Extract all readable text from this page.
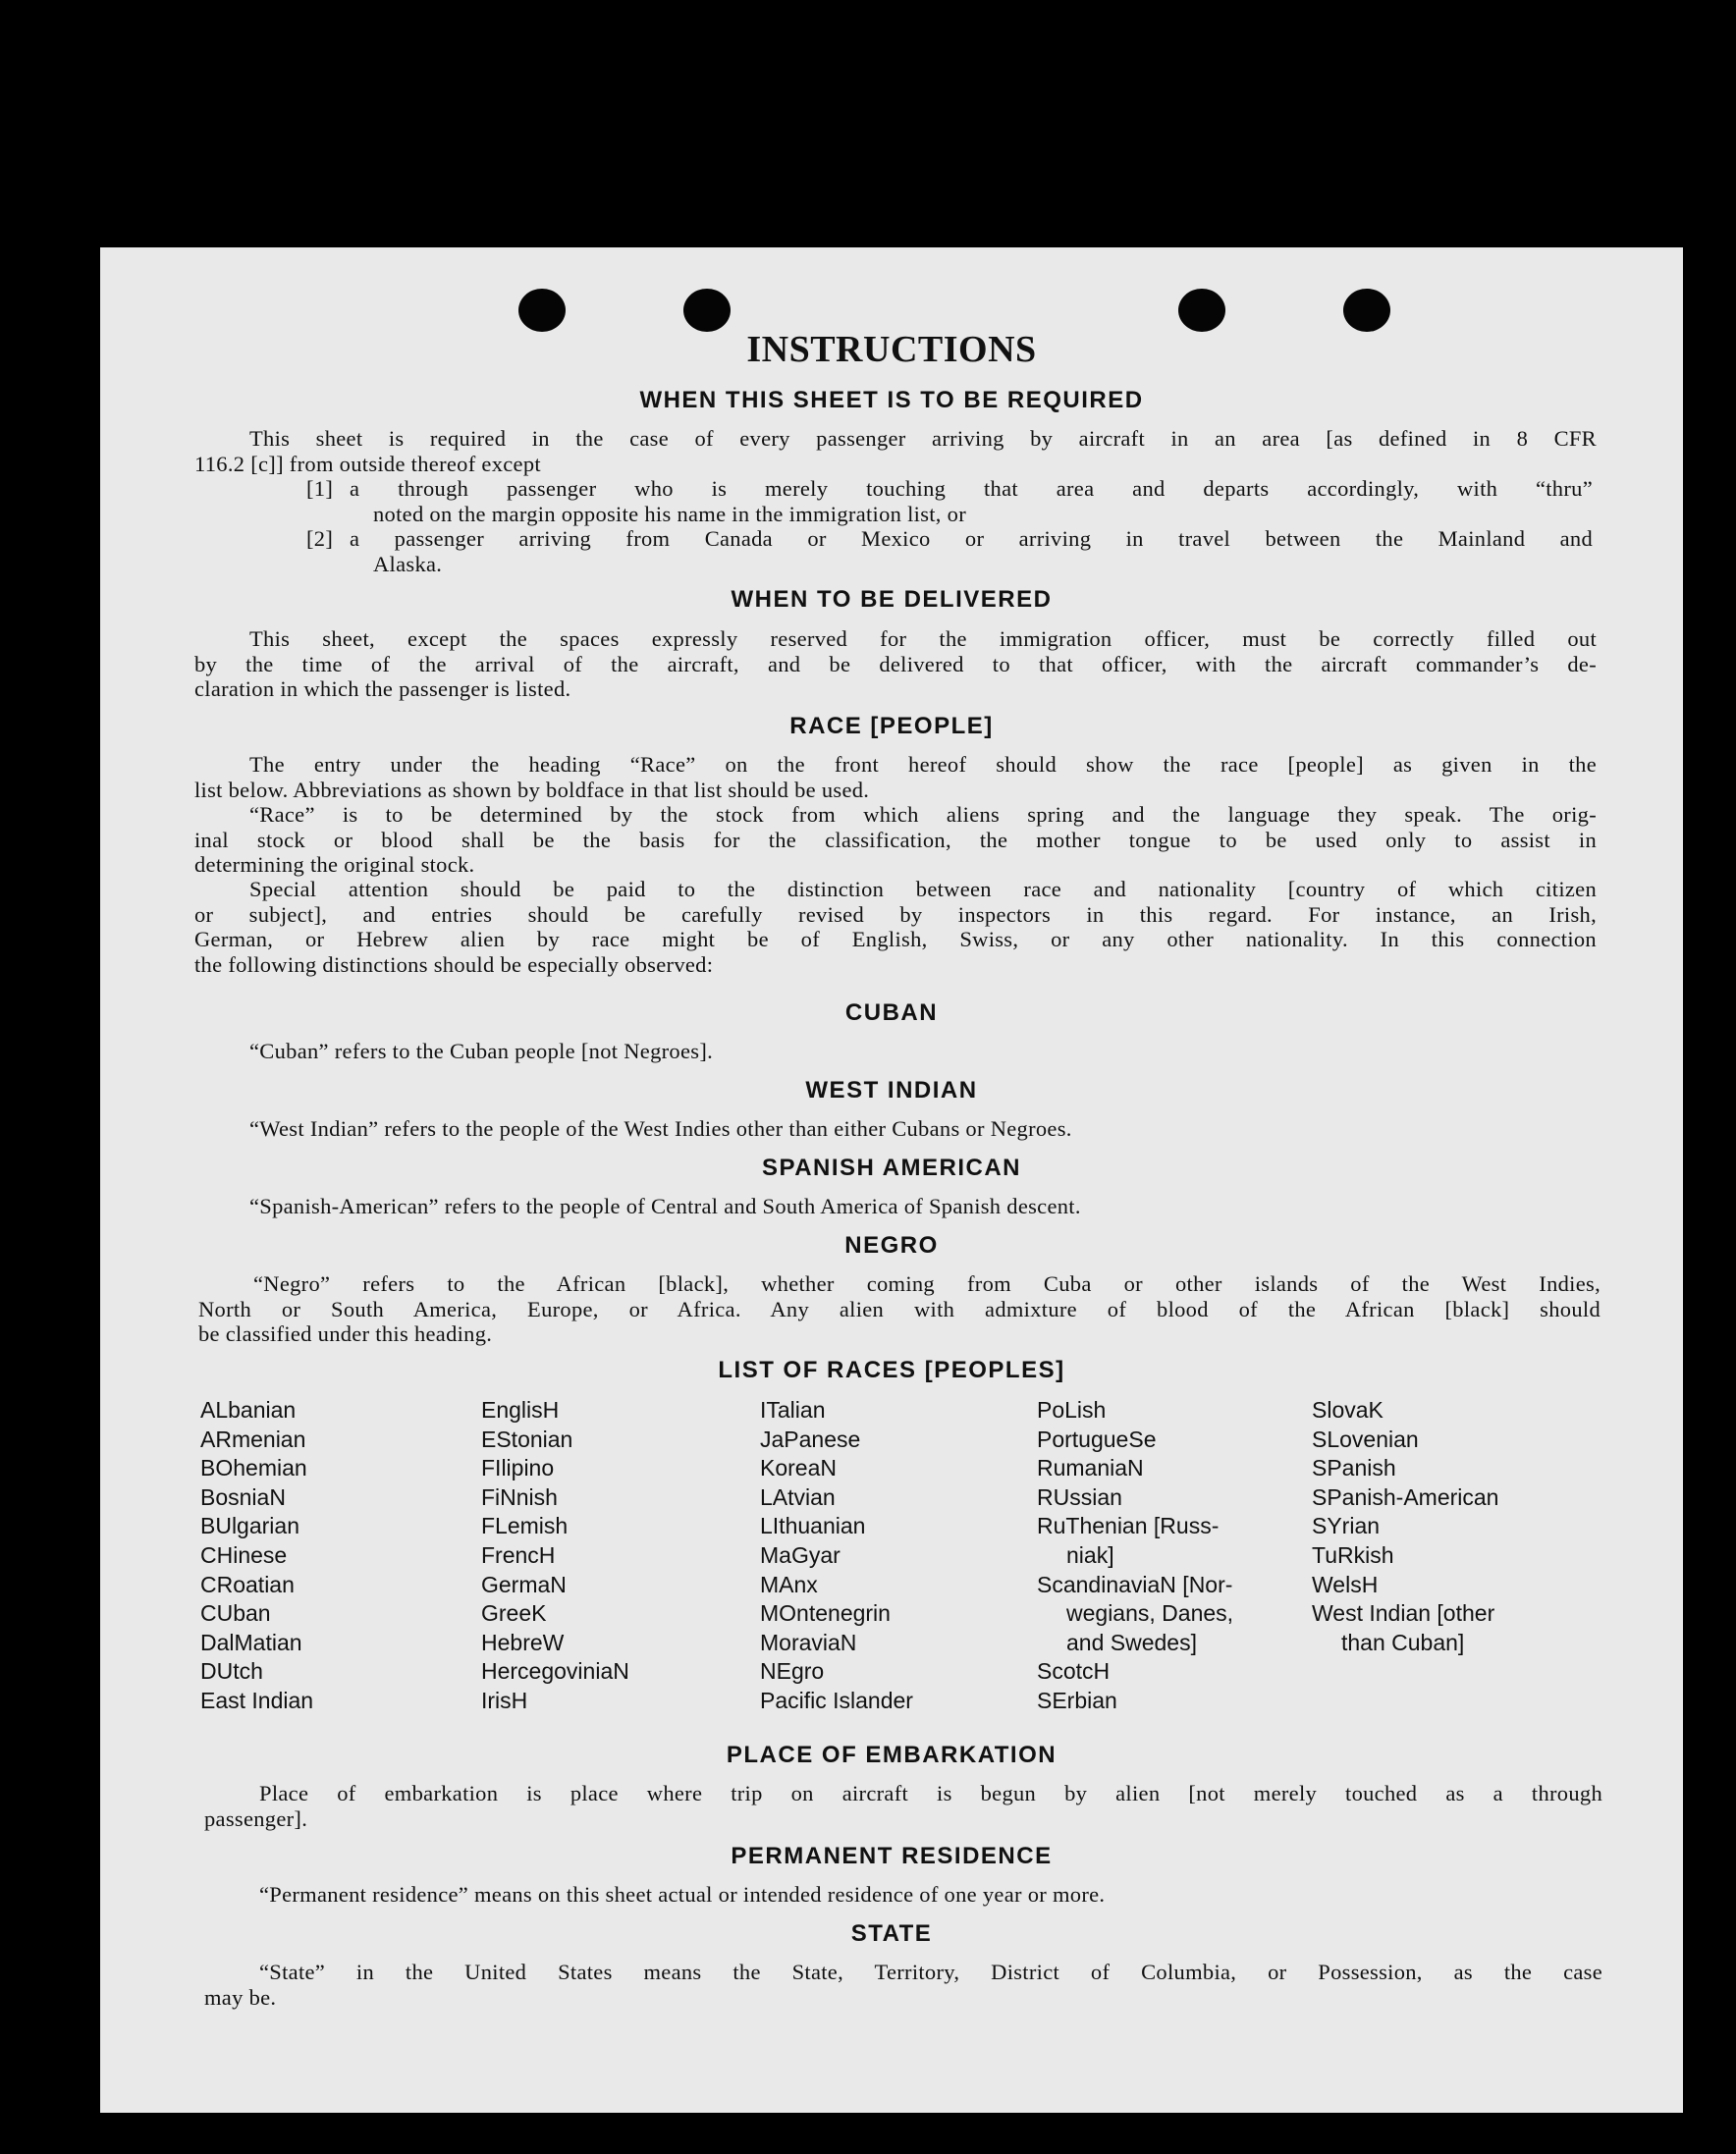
INSTRUCTIONS
WHEN THIS SHEET IS TO BE REQUIRED
This sheet is required in the case of every passenger arriving by aircraft in an area [as defined in 8 CFR
116.2 [c]] from outside thereof except
[1] a through passenger who is merely touching that area and departs accordingly, with “thru”
noted on the margin opposite his name in the immigration list, or
[2] a passenger arriving from Canada or Mexico or arriving in travel between the Mainland and
Alaska.
WHEN TO BE DELIVERED
This sheet, except the spaces expressly reserved for the immigration officer, must be correctly filled out
by the time of the arrival of the aircraft, and be delivered to that officer, with the aircraft commander’s de-
claration in which the passenger is listed.
RACE [PEOPLE]
The entry under the heading “Race” on the front hereof should show the race [people] as given in the
list below. Abbreviations as shown by boldface in that list should be used.
“Race” is to be determined by the stock from which aliens spring and the language they speak. The orig-
inal stock or blood shall be the basis for the classification, the mother tongue to be used only to assist in
determining the original stock.
Special attention should be paid to the distinction between race and nationality [country of which citizen
or subject], and entries should be carefully revised by inspectors in this regard. For instance, an Irish,
German, or Hebrew alien by race might be of English, Swiss, or any other nationality. In this connection
the following distinctions should be especially observed:
CUBAN
“Cuban” refers to the Cuban people [not Negroes].
WEST INDIAN
“West Indian” refers to the people of the West Indies other than either Cubans or Negroes.
SPANISH AMERICAN
“Spanish-American” refers to the people of Central and South America of Spanish descent.
NEGRO
“Negro” refers to the African [black], whether coming from Cuba or other islands of the West Indies,
North or South America, Europe, or Africa. Any alien with admixture of blood of the African [black] should
be classified under this heading.
LIST OF RACES [PEOPLES]
ALbanian
ARmenian
BOhemian
BosniaN
BUlgarian
CHinese
CRoatian
CUban
DalMatian
DUtch
East Indian
EnglisH
EStonian
FIlipino
FiNnish
FLemish
FrencH
GermaN
GreeK
HebreW
HercegoviniaN
IrisH
ITalian
JaPanese
KoreaN
LAtvian
LIthuanian
MaGyar
MAnx
MOntenegrin
MoraviaN
NEgro
Pacific Islander
PoLish
PortugueSe
RumaniaN
RUssian
RuThenian [Russ-
niak]
ScandinaviaN [Nor-
wegians, Danes,
and Swedes]
ScotcH
SErbian
SlovaK
SLovenian
SPanish
SPanish-American
SYrian
TuRkish
WelsH
West Indian [other
than Cuban]
PLACE OF EMBARKATION
Place of embarkation is place where trip on aircraft is begun by alien [not merely touched as a through
passenger].
PERMANENT RESIDENCE
“Permanent residence” means on this sheet actual or intended residence of one year or more.
STATE
“State” in the United States means the State, Territory, District of Columbia, or Possession, as the case
may be.
